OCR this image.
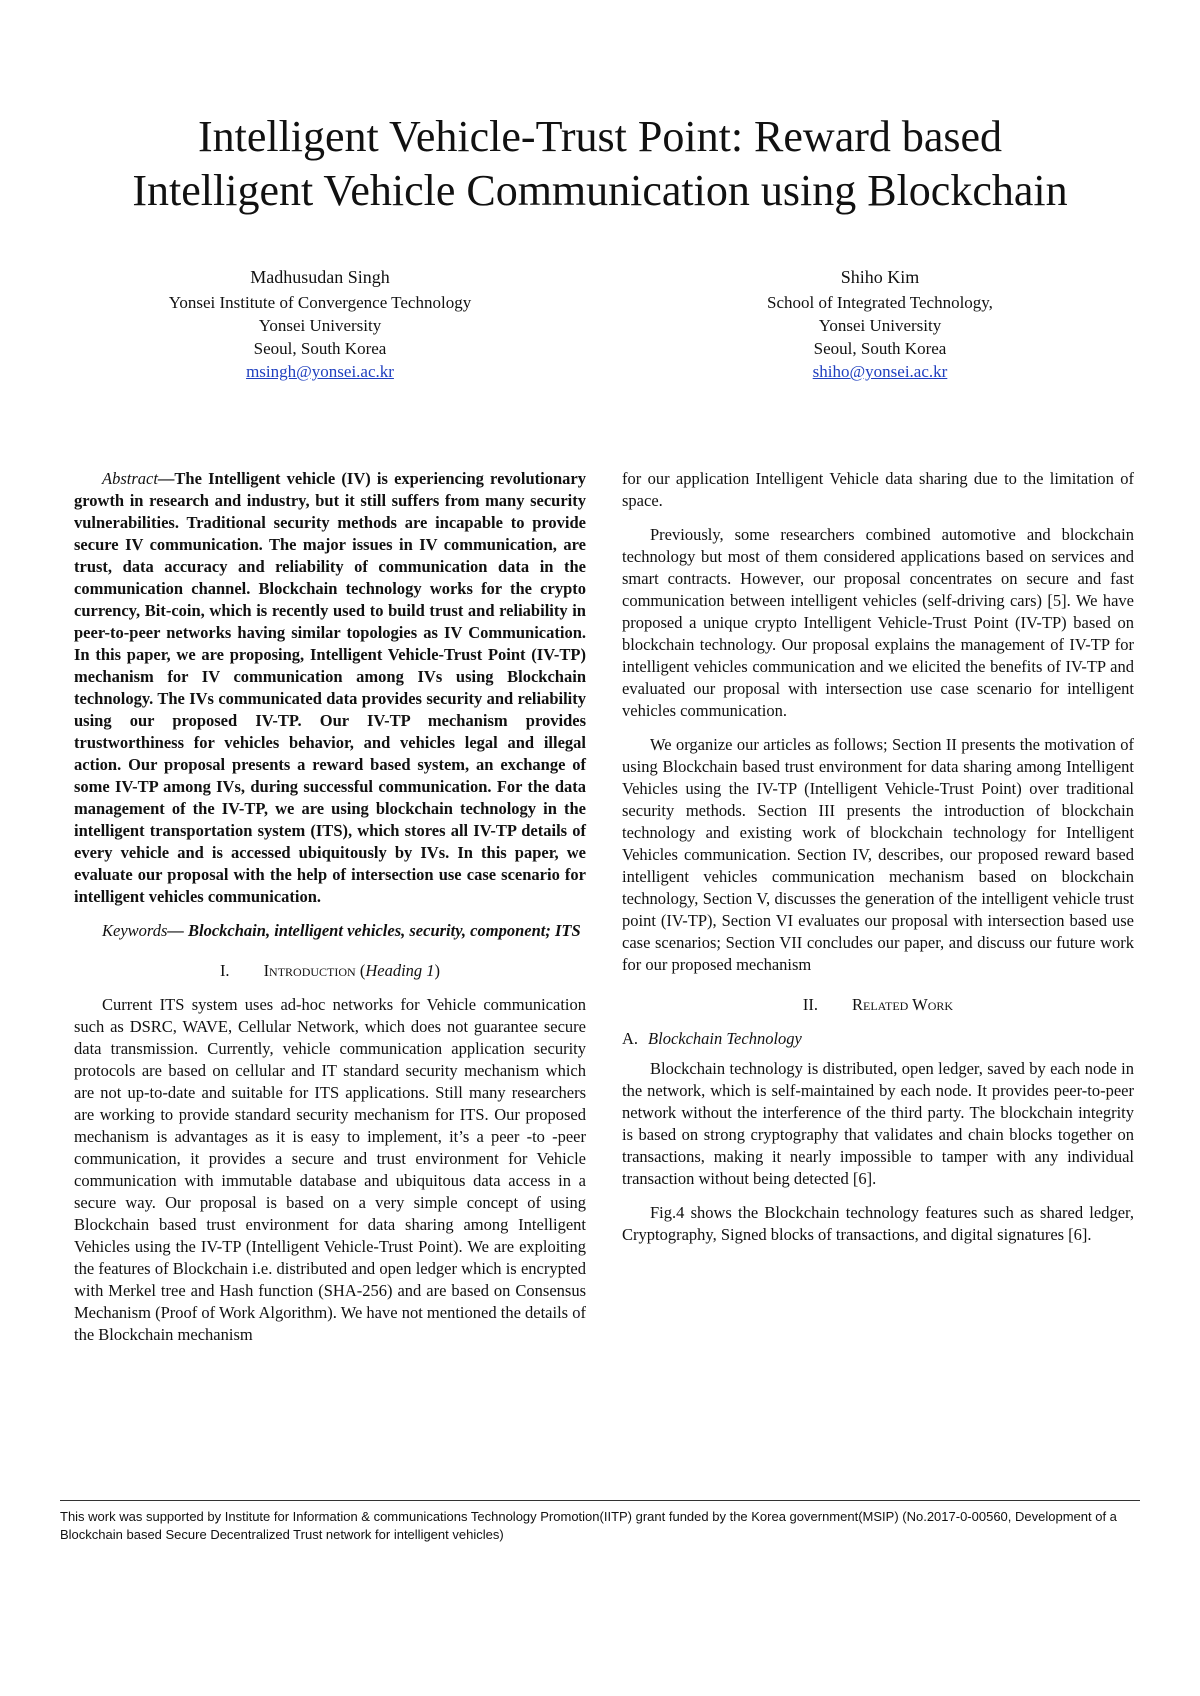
Intelligent Vehicle-Trust Point: Reward based
Intelligent Vehicle Communication using Blockchain
Madhusudan Singh
Yonsei Institute of Convergence Technology
Yonsei University
Seoul, South Korea
msingh@yonsei.ac.kr
Shiho Kim
School of Integrated Technology,
Yonsei University
Seoul, South Korea
shiho@yonsei.ac.kr

Abstract—The Intelligent vehicle (IV) is experiencing revolutionary growth in research and industry, but it still suffers from many security vulnerabilities. Traditional security methods are incapable to provide secure IV communication. The major issues in IV communication, are trust, data accuracy and reliability of communication data in the communication channel. Blockchain technology works for the crypto currency, Bit-coin, which is recently used to build trust and reliability in peer-to-peer networks having similar topologies as IV Communication. In this paper, we are proposing, Intelligent Vehicle-Trust Point (IV-TP) mechanism for IV communication among IVs using Blockchain technology. The IVs communicated data provides security and reliability using our proposed IV-TP. Our IV-TP mechanism provides trustworthiness for vehicles behavior, and vehicles legal and illegal action. Our proposal presents a reward based system, an exchange of some IV-TP among IVs, during successful communication. For the data management of the IV-TP, we are using blockchain technology in the intelligent transportation system (ITS), which stores all IV-TP details of every vehicle and is accessed ubiquitously by IVs. In this paper, we evaluate our proposal with the help of intersection use case scenario for intelligent vehicles communication.

Keywords— Blockchain, intelligent vehicles, security, component; ITS

I. Introduction (Heading 1)

Current ITS system uses ad-hoc networks for Vehicle communication such as DSRC, WAVE, Cellular Network, which does not guarantee secure data transmission. Currently, vehicle communication application security protocols are based on cellular and IT standard security mechanism which are not up-to-date and suitable for ITS applications. Still many researchers are working to provide standard security mechanism for ITS. Our proposed mechanism is advantages as it is easy to implement, it’s a peer -to -peer communication, it provides a secure and trust environment for Vehicle communication with immutable database and ubiquitous data access in a secure way. Our proposal is based on a very simple concept of using Blockchain based trust environment for data sharing among Intelligent Vehicles using the IV-TP (Intelligent Vehicle-Trust Point). We are exploiting the features of Blockchain i.e. distributed and open ledger which is encrypted with Merkel tree and Hash function (SHA-256) and are based on Consensus Mechanism (Proof of Work Algorithm). We have not mentioned the details of the Blockchain mechanism

for our application Intelligent Vehicle data sharing due to the limitation of space.

Previously, some researchers combined automotive and blockchain technology but most of them considered applications based on services and smart contracts. However, our proposal concentrates on secure and fast communication between intelligent vehicles (self-driving cars) [5]. We have proposed a unique crypto Intelligent Vehicle-Trust Point (IV-TP) based on blockchain technology. Our proposal explains the management of IV-TP for intelligent vehicles communication and we elicited the benefits of IV-TP and evaluated our proposal with intersection use case scenario for intelligent vehicles communication.

We organize our articles as follows; Section II presents the motivation of using Blockchain based trust environment for data sharing among Intelligent Vehicles using the IV-TP (Intelligent Vehicle-Trust Point) over traditional security methods. Section III presents the introduction of blockchain technology and existing work of blockchain technology for Intelligent Vehicles communication. Section IV, describes, our proposed reward based intelligent vehicles communication mechanism based on blockchain technology, Section V, discusses the generation of the intelligent vehicle trust point (IV-TP), Section VI evaluates our proposal with intersection based use case scenarios; Section VII concludes our paper, and discuss our future work for our proposed mechanism

II. Related Work
A. Blockchain Technology

Blockchain technology is distributed, open ledger, saved by each node in the network, which is self-maintained by each node. It provides peer-to-peer network without the interference of the third party. The blockchain integrity is based on strong cryptography that validates and chain blocks together on transactions, making it nearly impossible to tamper with any individual transaction without being detected [6].

Fig.4 shows the Blockchain technology features such as shared ledger, Cryptography, Signed blocks of transactions, and digital signatures [6].

This work was supported by Institute for Information & communications Technology Promotion(IITP) grant funded by the Korea government(MSIP) (No.2017-0-00560, Development of a Blockchain based Secure Decentralized Trust network for intelligent vehicles)
